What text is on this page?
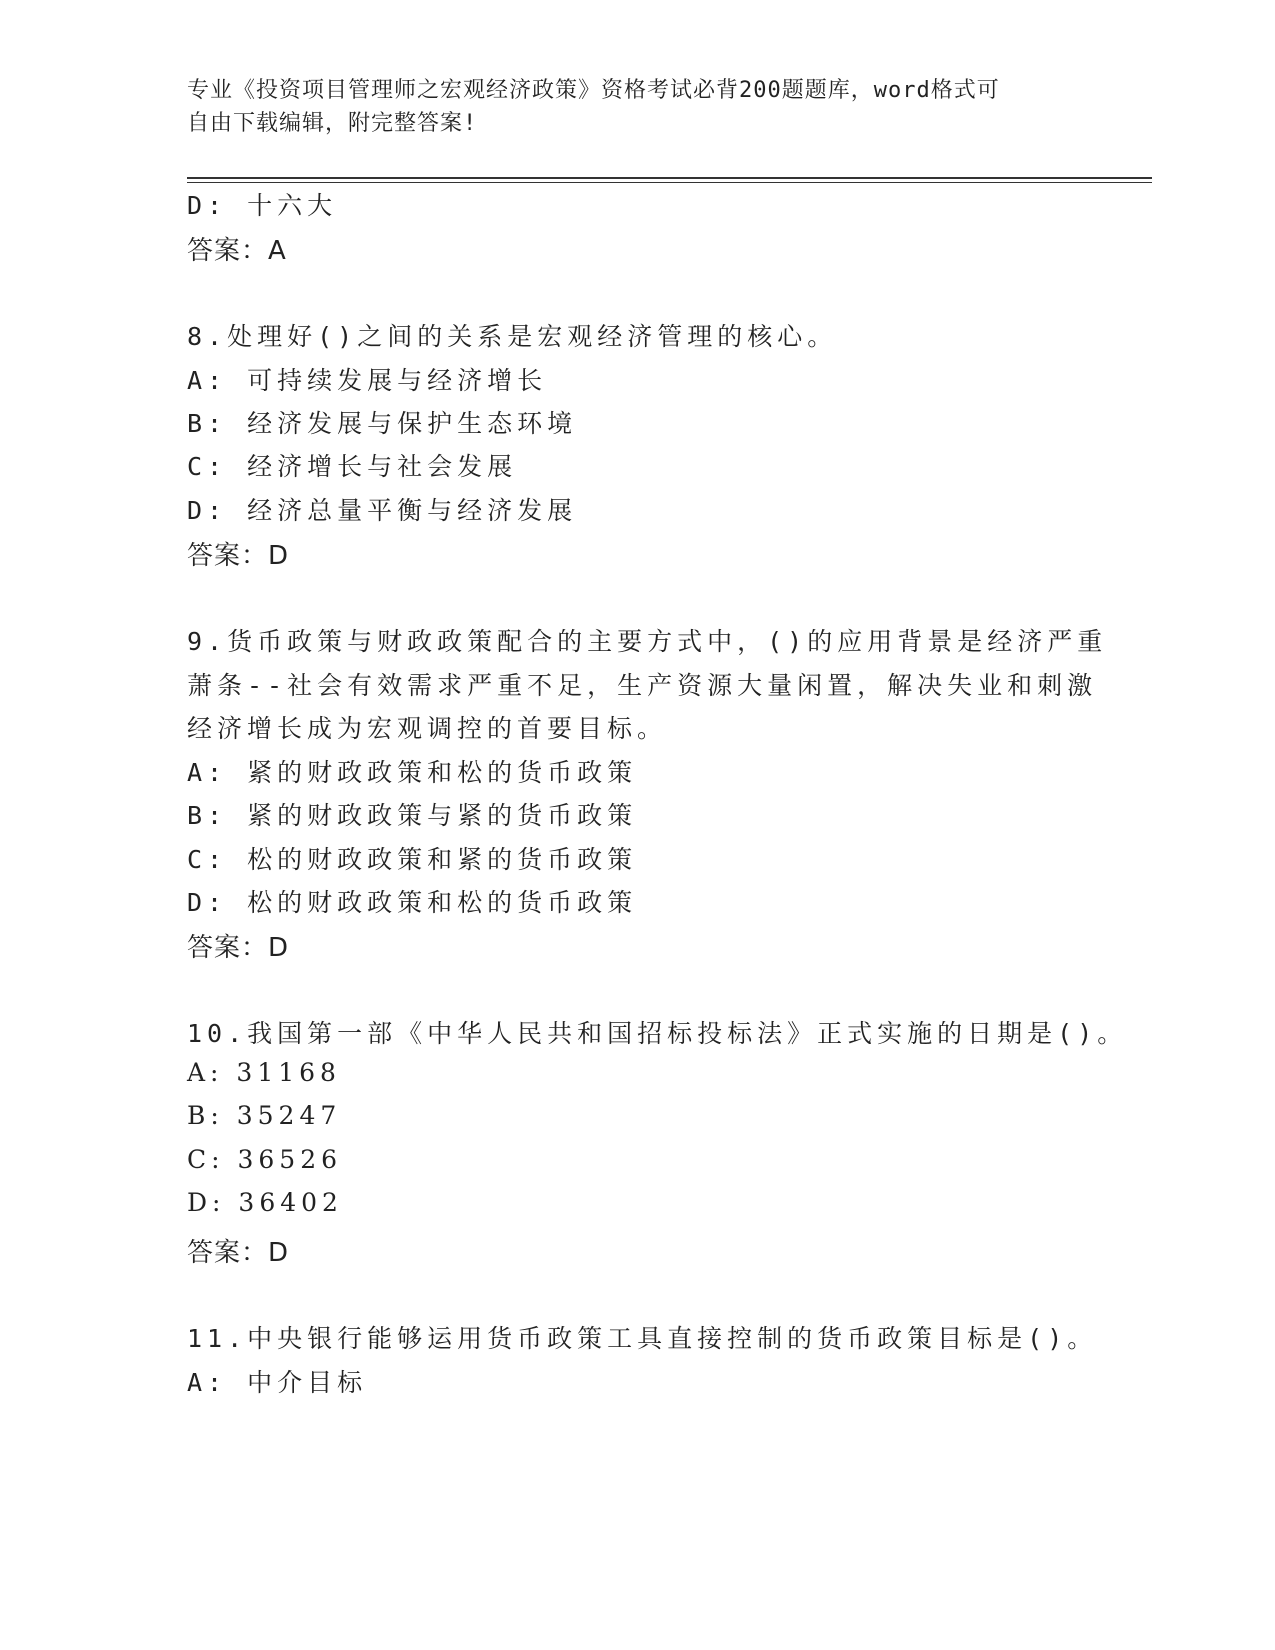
专业《投资项目管理师之宏观经济政策》资格考试必背200题题库，word格式可
自由下载编辑，附完整答案!
D: 十六大
答案：A
8.处理好()之间的关系是宏观经济管理的核心。
A: 可持续发展与经济增长
B: 经济发展与保护生态环境
C: 经济增长与社会发展
D: 经济总量平衡与经济发展
答案：D
9.货币政策与财政政策配合的主要方式中，()的应用背景是经济严重
萧条--社会有效需求严重不足，生产资源大量闲置，解决失业和刺激
经济增长成为宏观调控的首要目标。
A: 紧的财政政策和松的货币政策
B: 紧的财政政策与紧的货币政策
C: 松的财政政策和紧的货币政策
D: 松的财政政策和松的货币政策
答案：D
10.我国第一部《中华人民共和国招标投标法》正式实施的日期是()。
A: 31168
B: 35247
C: 36526
D: 36402
答案：D
11.中央银行能够运用货币政策工具直接控制的货币政策目标是()。
A: 中介目标
